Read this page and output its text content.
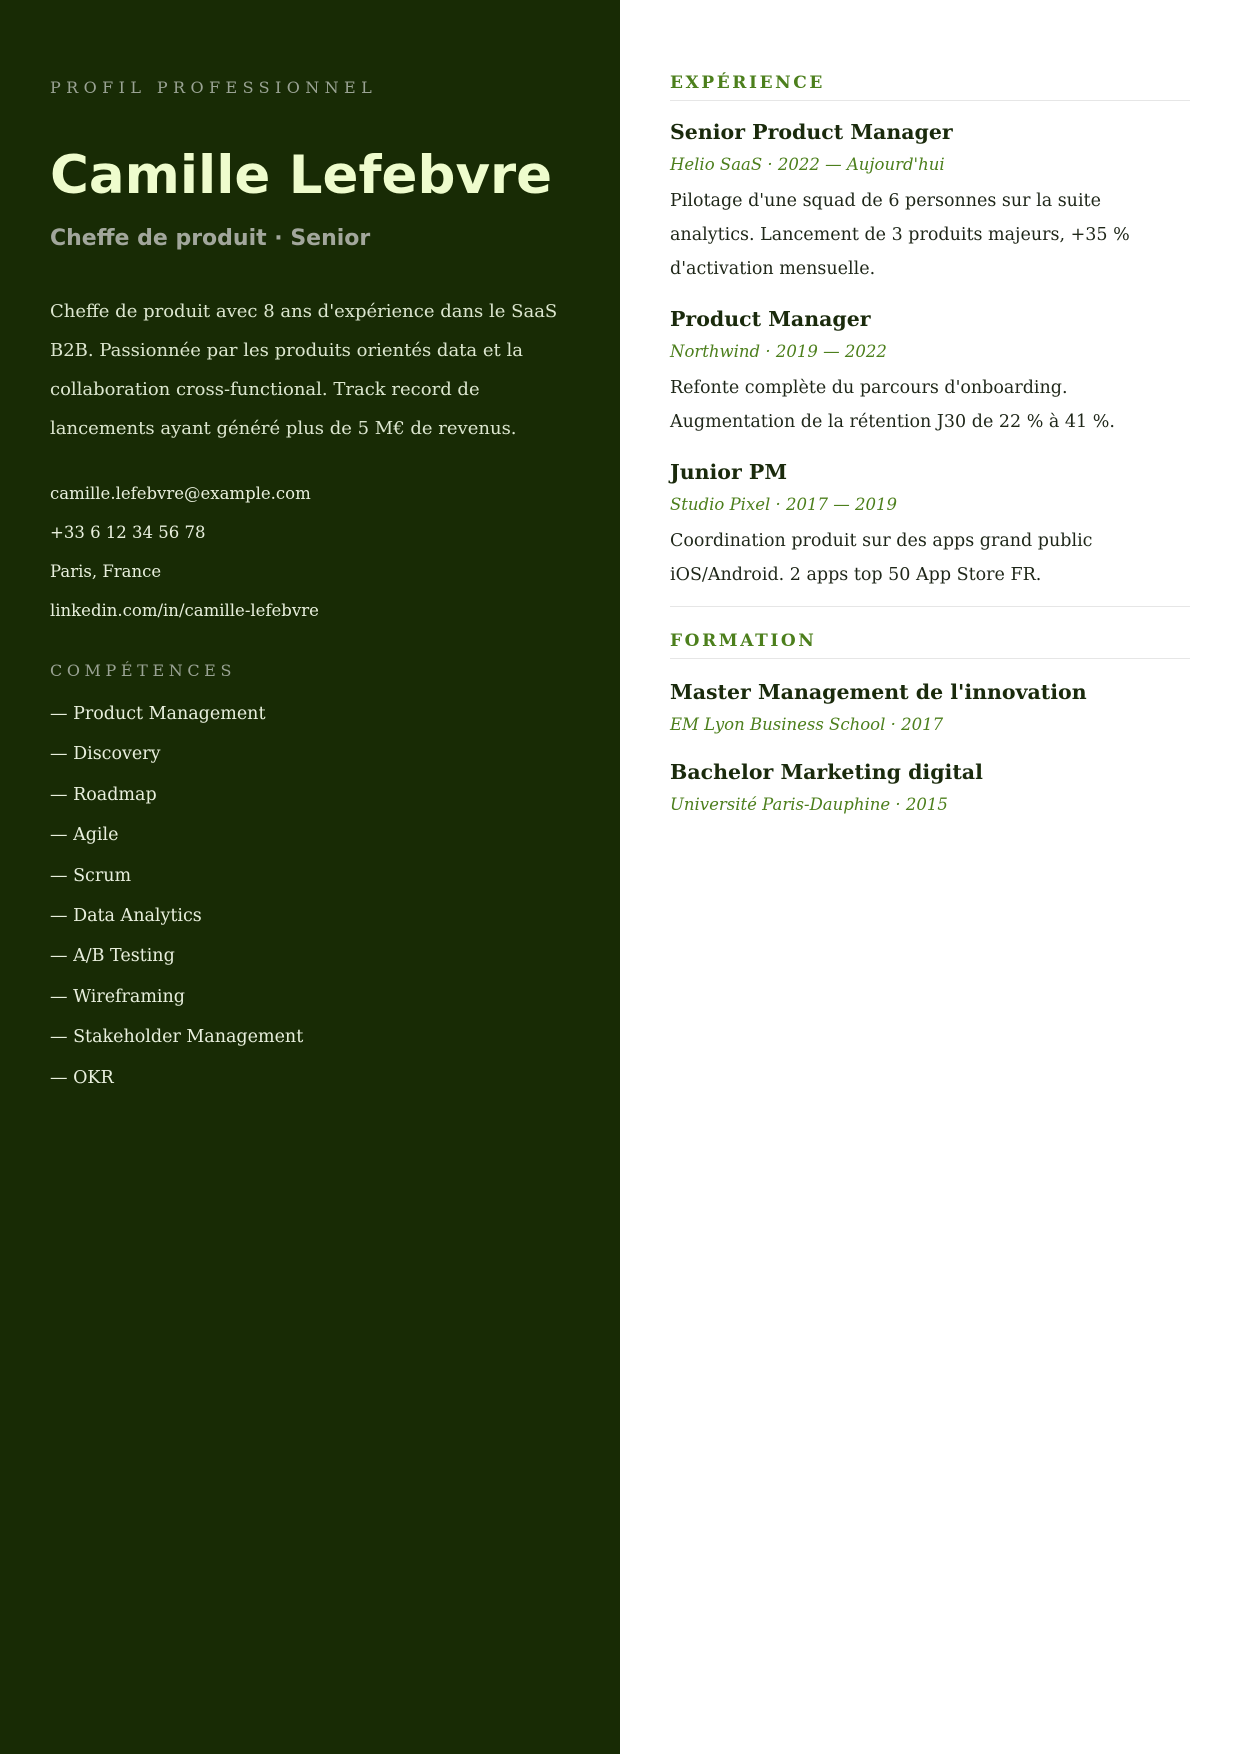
PROFIL PROFESSIONNEL

Camille Lefebvre

Cheffe de produit · Senior

Cheffe de produit avec 8 ans d'expérience dans le SaaS B2B. Passionnée par les produits orientés data et la collaboration cross-functional. Track record de lancements ayant généré plus de 5 M€ de revenus.

camille.lefebvre@example.com
+33 6 12 34 56 78
Paris, France
linkedin.com/in/camille-lefebvre

COMPÉTENCES

— Product Management
— Discovery
— Roadmap
— Agile
— Scrum
— Data Analytics
— A/B Testing
— Wireframing
— Stakeholder Management
— OKR
EXPÉRIENCE
Senior Product Manager

Helio SaaS · 2022 — Aujourd'hui

Pilotage d'une squad de 6 personnes sur la suite analytics. Lancement de 3 produits majeurs, +35 % d'activation mensuelle.

Product Manager

Northwind · 2019 — 2022

Refonte complète du parcours d'onboarding. Augmentation de la rétention J30 de 22 % à 41 %.

Junior PM

Studio Pixel · 2017 — 2019

Coordination produit sur des apps grand public iOS/Android. 2 apps top 50 App Store FR.

FORMATION
Master Management de l'innovation

EM Lyon Business School · 2017

Bachelor Marketing digital

Université Paris-Dauphine · 2015
